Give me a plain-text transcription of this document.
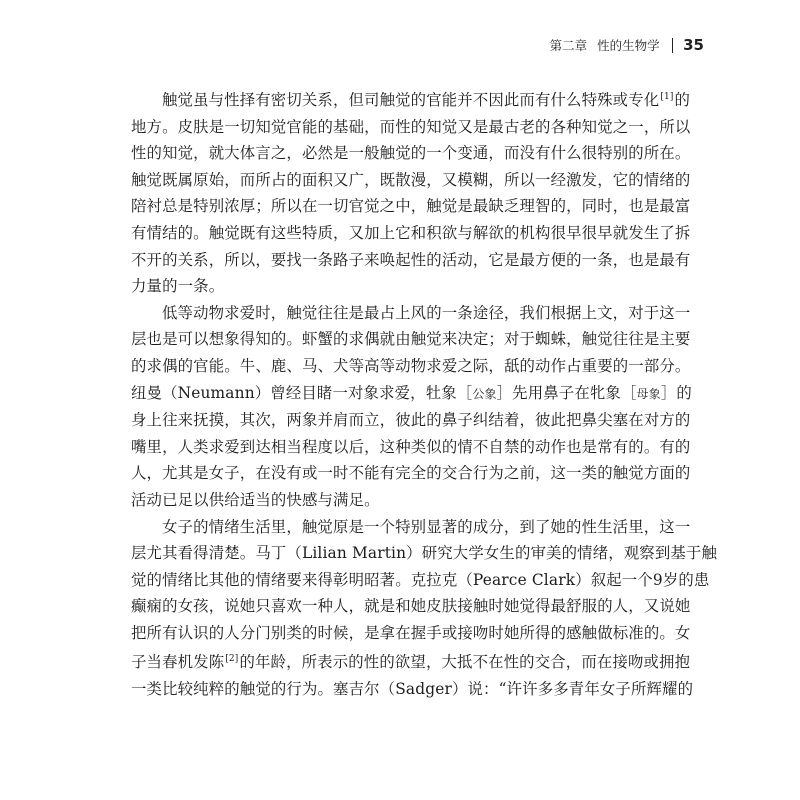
第二章 性的生物学 35

触觉虽与性择有密切关系，但司触觉的官能并不因此而有什么特殊或专化[1]的
地方。皮肤是一切知觉官能的基础，而性的知觉又是最古老的各种知觉之一，所以
性的知觉，就大体言之，必然是一般触觉的一个变通，而没有什么很特别的所在。
触觉既属原始，而所占的面积又广，既散漫，又模糊，所以一经激发，它的情绪的
陪衬总是特别浓厚；所以在一切官觉之中，触觉是最缺乏理智的，同时，也是最富
有情结的。触觉既有这些特质，又加上它和积欲与解欲的机构很早很早就发生了拆
不开的关系，所以，要找一条路子来唤起性的活动，它是最方便的一条，也是最有
力量的一条。

低等动物求爱时，触觉往往是最占上风的一条途径，我们根据上文，对于这一
层也是可以想象得知的。虾蟹的求偶就由触觉来决定；对于蜘蛛，触觉往往是主要
的求偶的官能。牛、鹿、马、犬等高等动物求爱之际，舐的动作占重要的一部分。
纽曼（Neumann）曾经目睹一对象求爱，牡象［公象］先用鼻子在牝象［母象］的
身上往来抚摸，其次，两象并肩而立，彼此的鼻子纠结着，彼此把鼻尖塞在对方的
嘴里，人类求爱到达相当程度以后，这种类似的情不自禁的动作也是常有的。有的
人，尤其是女子，在没有或一时不能有完全的交合行为之前，这一类的触觉方面的
活动已足以供给适当的快感与满足。

女子的情绪生活里，触觉原是一个特别显著的成分，到了她的性生活里，这一
层尤其看得清楚。马丁（Lilian Martin）研究大学女生的审美的情绪，观察到基于触
觉的情绪比其他的情绪要来得彰明昭著。克拉克（Pearce Clark）叙起一个9岁的患
癫痫的女孩，说她只喜欢一种人，就是和她皮肤接触时她觉得最舒服的人，又说她
把所有认识的人分门别类的时候，是拿在握手或接吻时她所得的感触做标准的。女
子当春机发陈[2]的年龄，所表示的性的欲望，大抵不在性的交合，而在接吻或拥抱
一类比较纯粹的触觉的行为。塞吉尔（Sadger）说：“许许多多青年女子所辉耀的
